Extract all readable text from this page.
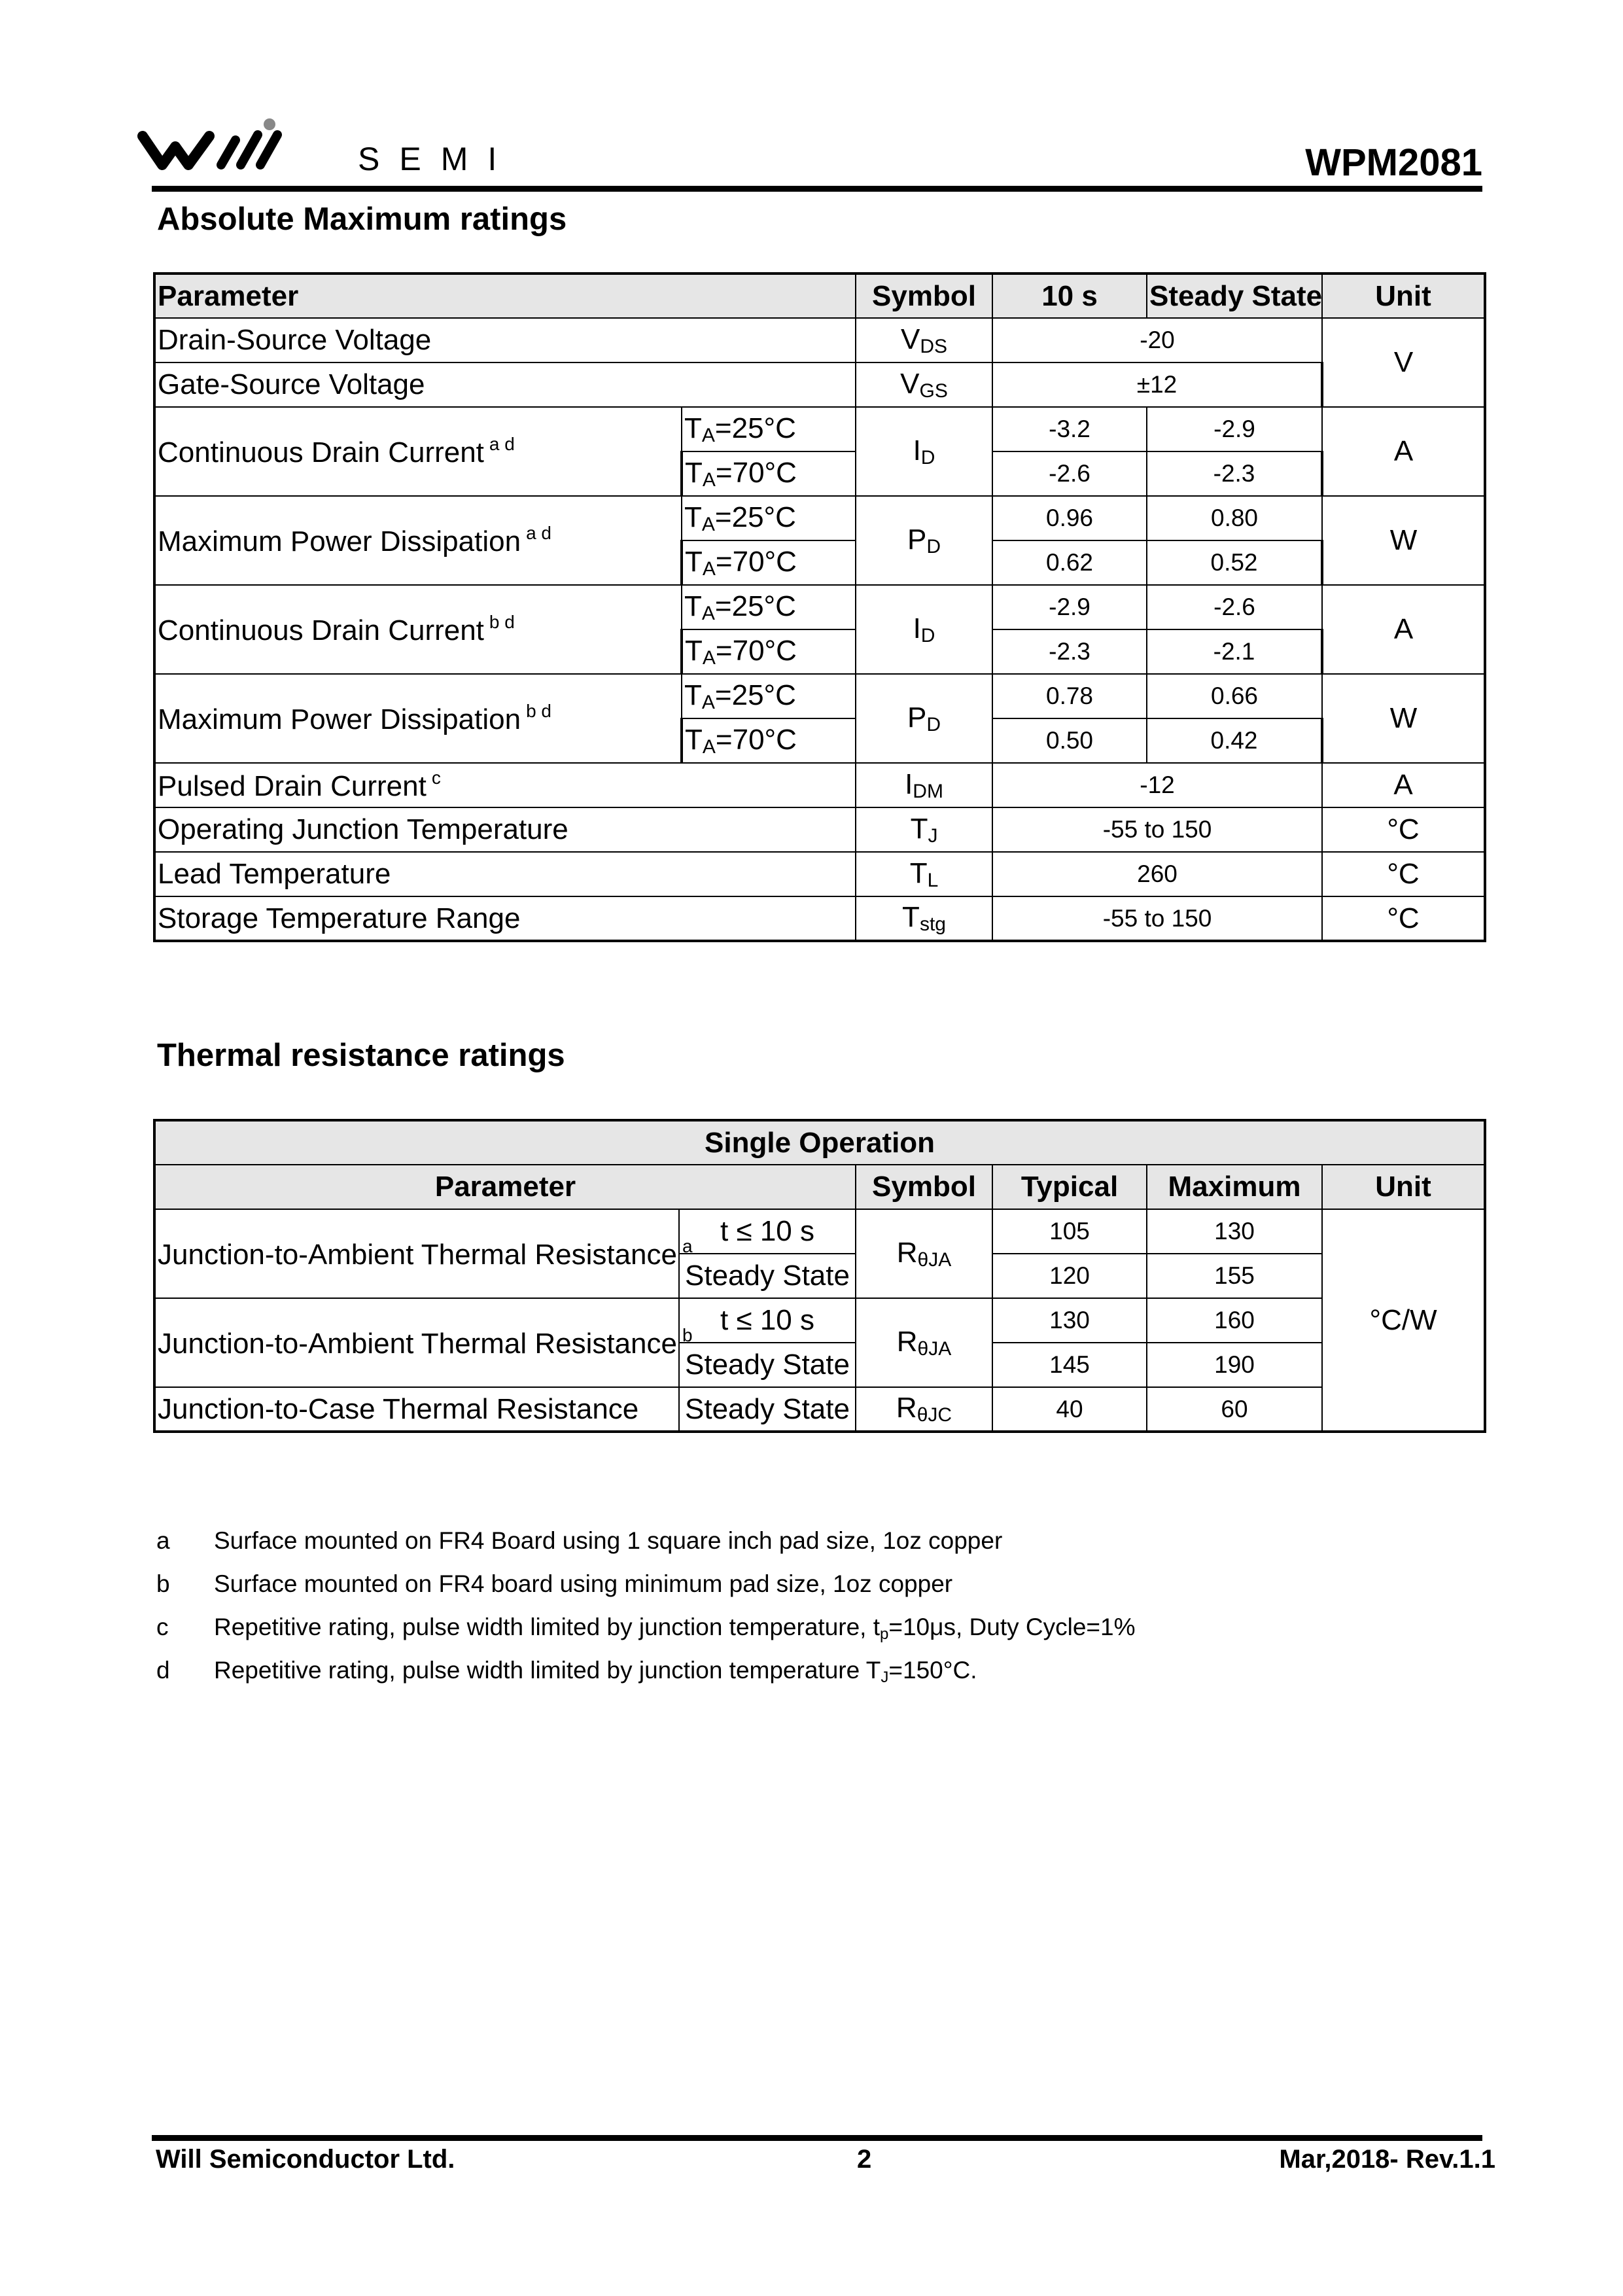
SEMI	WPM2081
Absolute Maximum ratings
Parameter		Symbol	10 s	Steady State	Unit
Drain-Source Voltage		$V_{DS}$	-20		V
Gate-Source Voltage		$V_{GS}$	±12		
Continuous Drain Current $^{a d}$	$T_A=25^\circ C$	$I_D$	-3.2	-2.9	A
	$T_A=70^\circ C$		-2.6	-2.3	
Maximum Power Dissipation $^{a d}$	$T_A=25^\circ C$	$P_D$	0.96	0.80	W
	$T_A=70^\circ C$		0.62	0.52	
Continuous Drain Current $^{b d}$	$T_A=25^\circ C$	$I_D$	-2.9	-2.6	A
	$T_A=70^\circ C$		-2.3	-2.1	
Maximum Power Dissipation $^{b d}$	$T_A=25^\circ C$	$P_D$	0.78	0.66	W
	$T_A=70^\circ C$		0.50	0.42	
Pulsed Drain Current $^c$		$I_{DM}$	-12		A
Operating Junction Temperature		$T_J$	-55 to 150		°C
Lead Temperature		$T_L$	260		°C
Storage Temperature Range		$T_{stg}$	-55 to 150		°C
Thermal resistance ratings
Single Operation					
Parameter		Symbol	Typical	Maximum	Unit
Junction-to-Ambient Thermal Resistance $^a$	t ≤ 10 s	$R_{\theta JA}$	105	130	°C/W
	Steady State		120	155	
Junction-to-Ambient Thermal Resistance $^b$	t ≤ 10 s	$R_{\theta JA}$	130	160	
	Steady State		145	190	
Junction-to-Case Thermal Resistance	Steady State	$R_{\theta JC}$	40	60	
a Surface mounted on FR4 Board using 1 square inch pad size, 1oz copper
b Surface mounted on FR4 board using minimum pad size, 1oz copper
c Repetitive rating, pulse width limited by junction temperature, $t_p=10\mu s$, Duty Cycle=1%
d Repetitive rating, pulse width limited by junction temperature $T_J=150^\circ C$.
Will Semiconductor Ltd.	2	Mar,2018- Rev.1.1
